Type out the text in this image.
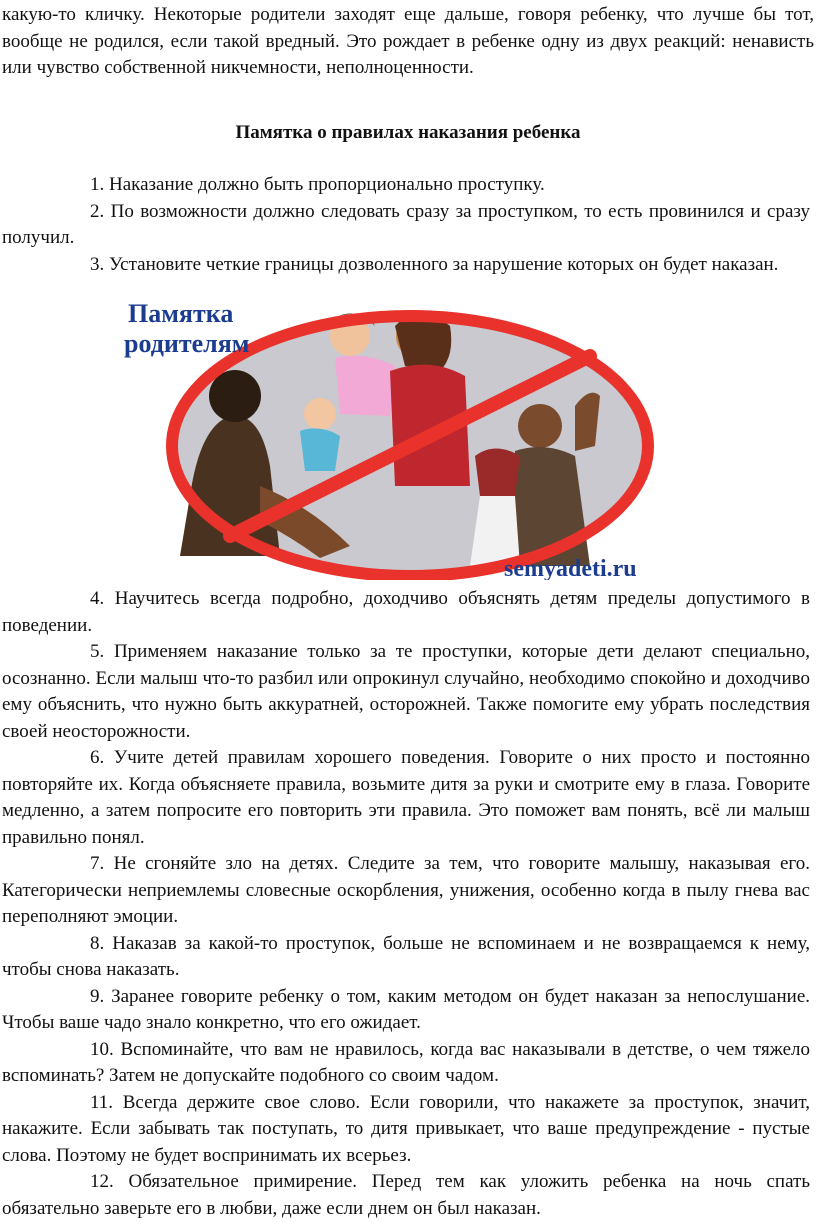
какую-то кличку. Некоторые родители заходят еще дальше, говоря ребенку, что лучше бы тот, вообще не родился, если такой вредный. Это рождает в ребенке одну из двух реакций: ненависть или чувство собственной никчемности, неполноценности.

Памятка о правилах наказания ребенка

1. Наказание должно быть пропорционально проступку.

2. По возможности должно следовать сразу за проступком, то есть провинился и сразу получил.

3. Установите четкие границы дозволенного за нарушение которых он будет наказан.

Памятка
родителям
semyadeti.ru

4. Научитесь всегда подробно, доходчиво объяснять детям пределы допустимого в поведении.

5. Применяем наказание только за те проступки, которые дети делают специально, осознанно. Если малыш что-то разбил или опрокинул случайно, необходимо спокойно и доходчиво ему объяснить, что нужно быть аккуратней, осторожней. Также помогите ему убрать последствия своей неосторожности.

6. Учите детей правилам хорошего поведения. Говорите о них просто и постоянно повторяйте их. Когда объясняете правила, возьмите дитя за руки и смотрите ему в глаза. Говорите медленно, а затем попросите его повторить эти правила. Это поможет вам понять, всё ли малыш правильно понял.

7. Не сгоняйте зло на детях. Следите за тем, что говорите малышу, наказывая его. Категорически неприемлемы словесные оскорбления, унижения, особенно когда в пылу гнева вас переполняют эмоции.

8. Наказав за какой-то проступок, больше не вспоминаем и не возвращаемся к нему, чтобы снова наказать.

9. Заранее говорите ребенку о том, каким методом он будет наказан за непослушание. Чтобы ваше чадо знало конкретно, что его ожидает.

10. Вспоминайте, что вам не нравилось, когда вас наказывали в детстве, о чем тяжело вспоминать? Затем не допускайте подобного со своим чадом.

11. Всегда держите свое слово. Если говорили, что накажете за проступок, значит, накажите. Если забывать так поступать, то дитя привыкает, что ваше предупреждение - пустые слова. Поэтому не будет воспринимать их всерьез.

12. Обязательное примирение. Перед тем как уложить ребенка на ночь спать обязательно заверьте его в любви, даже если днем он был наказан.
